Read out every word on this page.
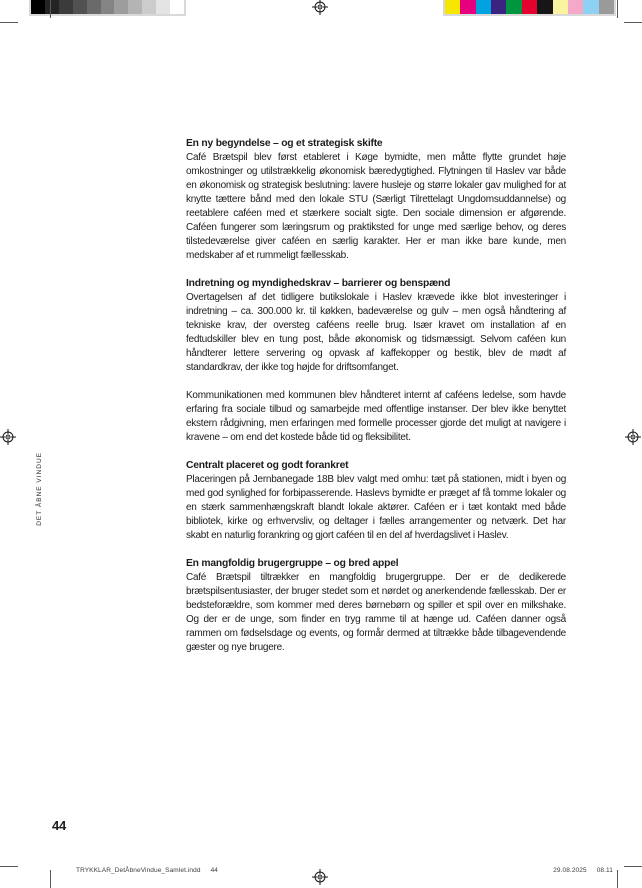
DET ÅBNE VINDUE
En ny begyndelse – og et strategisk skifte

Café Brætspil blev først etableret i Køge bymidte, men måtte flytte grundet høje omkostninger og utilstrækkelig økonomisk bæredygtighed. Flytningen til Haslev var både en økonomisk og strategisk beslutning: lavere husleje og større lokaler gav mulighed for at knytte tættere bånd med den lokale STU (Særligt Tilrettelagt Ungdomsuddannelse) og reetablere caféen med et stærkere socialt sigte. Den sociale dimension er afgørende. Caféen fungerer som læringsrum og praktiksted for unge med særlige behov, og deres tilstedeværelse giver caféen en særlig karakter. Her er man ikke bare kunde, men medskaber af et rummeligt fællesskab.

Indretning og myndighedskrav – barrierer og benspænd

Overtagelsen af det tidligere butikslokale i Haslev krævede ikke blot investeringer i indretning – ca. 300.000 kr. til køkken, badeværelse og gulv – men også håndtering af tekniske krav, der oversteg caféens reelle brug. Især kravet om installation af en fedtudskiller blev en tung post, både økonomisk og tidsmæssigt. Selvom caféen kun håndterer lettere servering og opvask af kaffekopper og bestik, blev de mødt af standardkrav, der ikke tog højde for driftsomfanget.

Kommunikationen med kommunen blev håndteret internt af caféens ledelse, som havde erfaring fra sociale tilbud og samarbejde med offentlige instanser. Der blev ikke benyttet ekstern rådgivning, men erfaringen med formelle processer gjorde det muligt at navigere i kravene – om end det kostede både tid og fleksibilitet.

Centralt placeret og godt forankret

Placeringen på Jernbanegade 18B blev valgt med omhu: tæt på stationen, midt i byen og med god synlighed for forbipasserende. Haslevs bymidte er præget af få tomme lokaler og en stærk sammenhængskraft blandt lokale aktører. Caféen er i tæt kontakt med både bibliotek, kirke og erhvervsliv, og deltager i fælles arrangementer og netværk. Det har skabt en naturlig forankring og gjort caféen til en del af hverdagslivet i Haslev.

En mangfoldig brugergruppe – og bred appel

Café Brætspil tiltrækker en mangfoldig brugergruppe. Der er de dedikerede brætspilsentusiaster, der bruger stedet som et nørdet og anerkendende fællesskab. Der er bedsteforældre, som kommer med deres børnebørn og spiller et spil over en milkshake. Og der er de unge, som finder en tryg ramme til at hænge ud. Caféen danner også rammen om fødselsdage og events, og formår dermed at tiltrække både tilbagevendende gæster og nye brugere.

44
TRYKKLAR_DetÅbneVindue_Samlet.indd 44	29.08.2025 08.11
